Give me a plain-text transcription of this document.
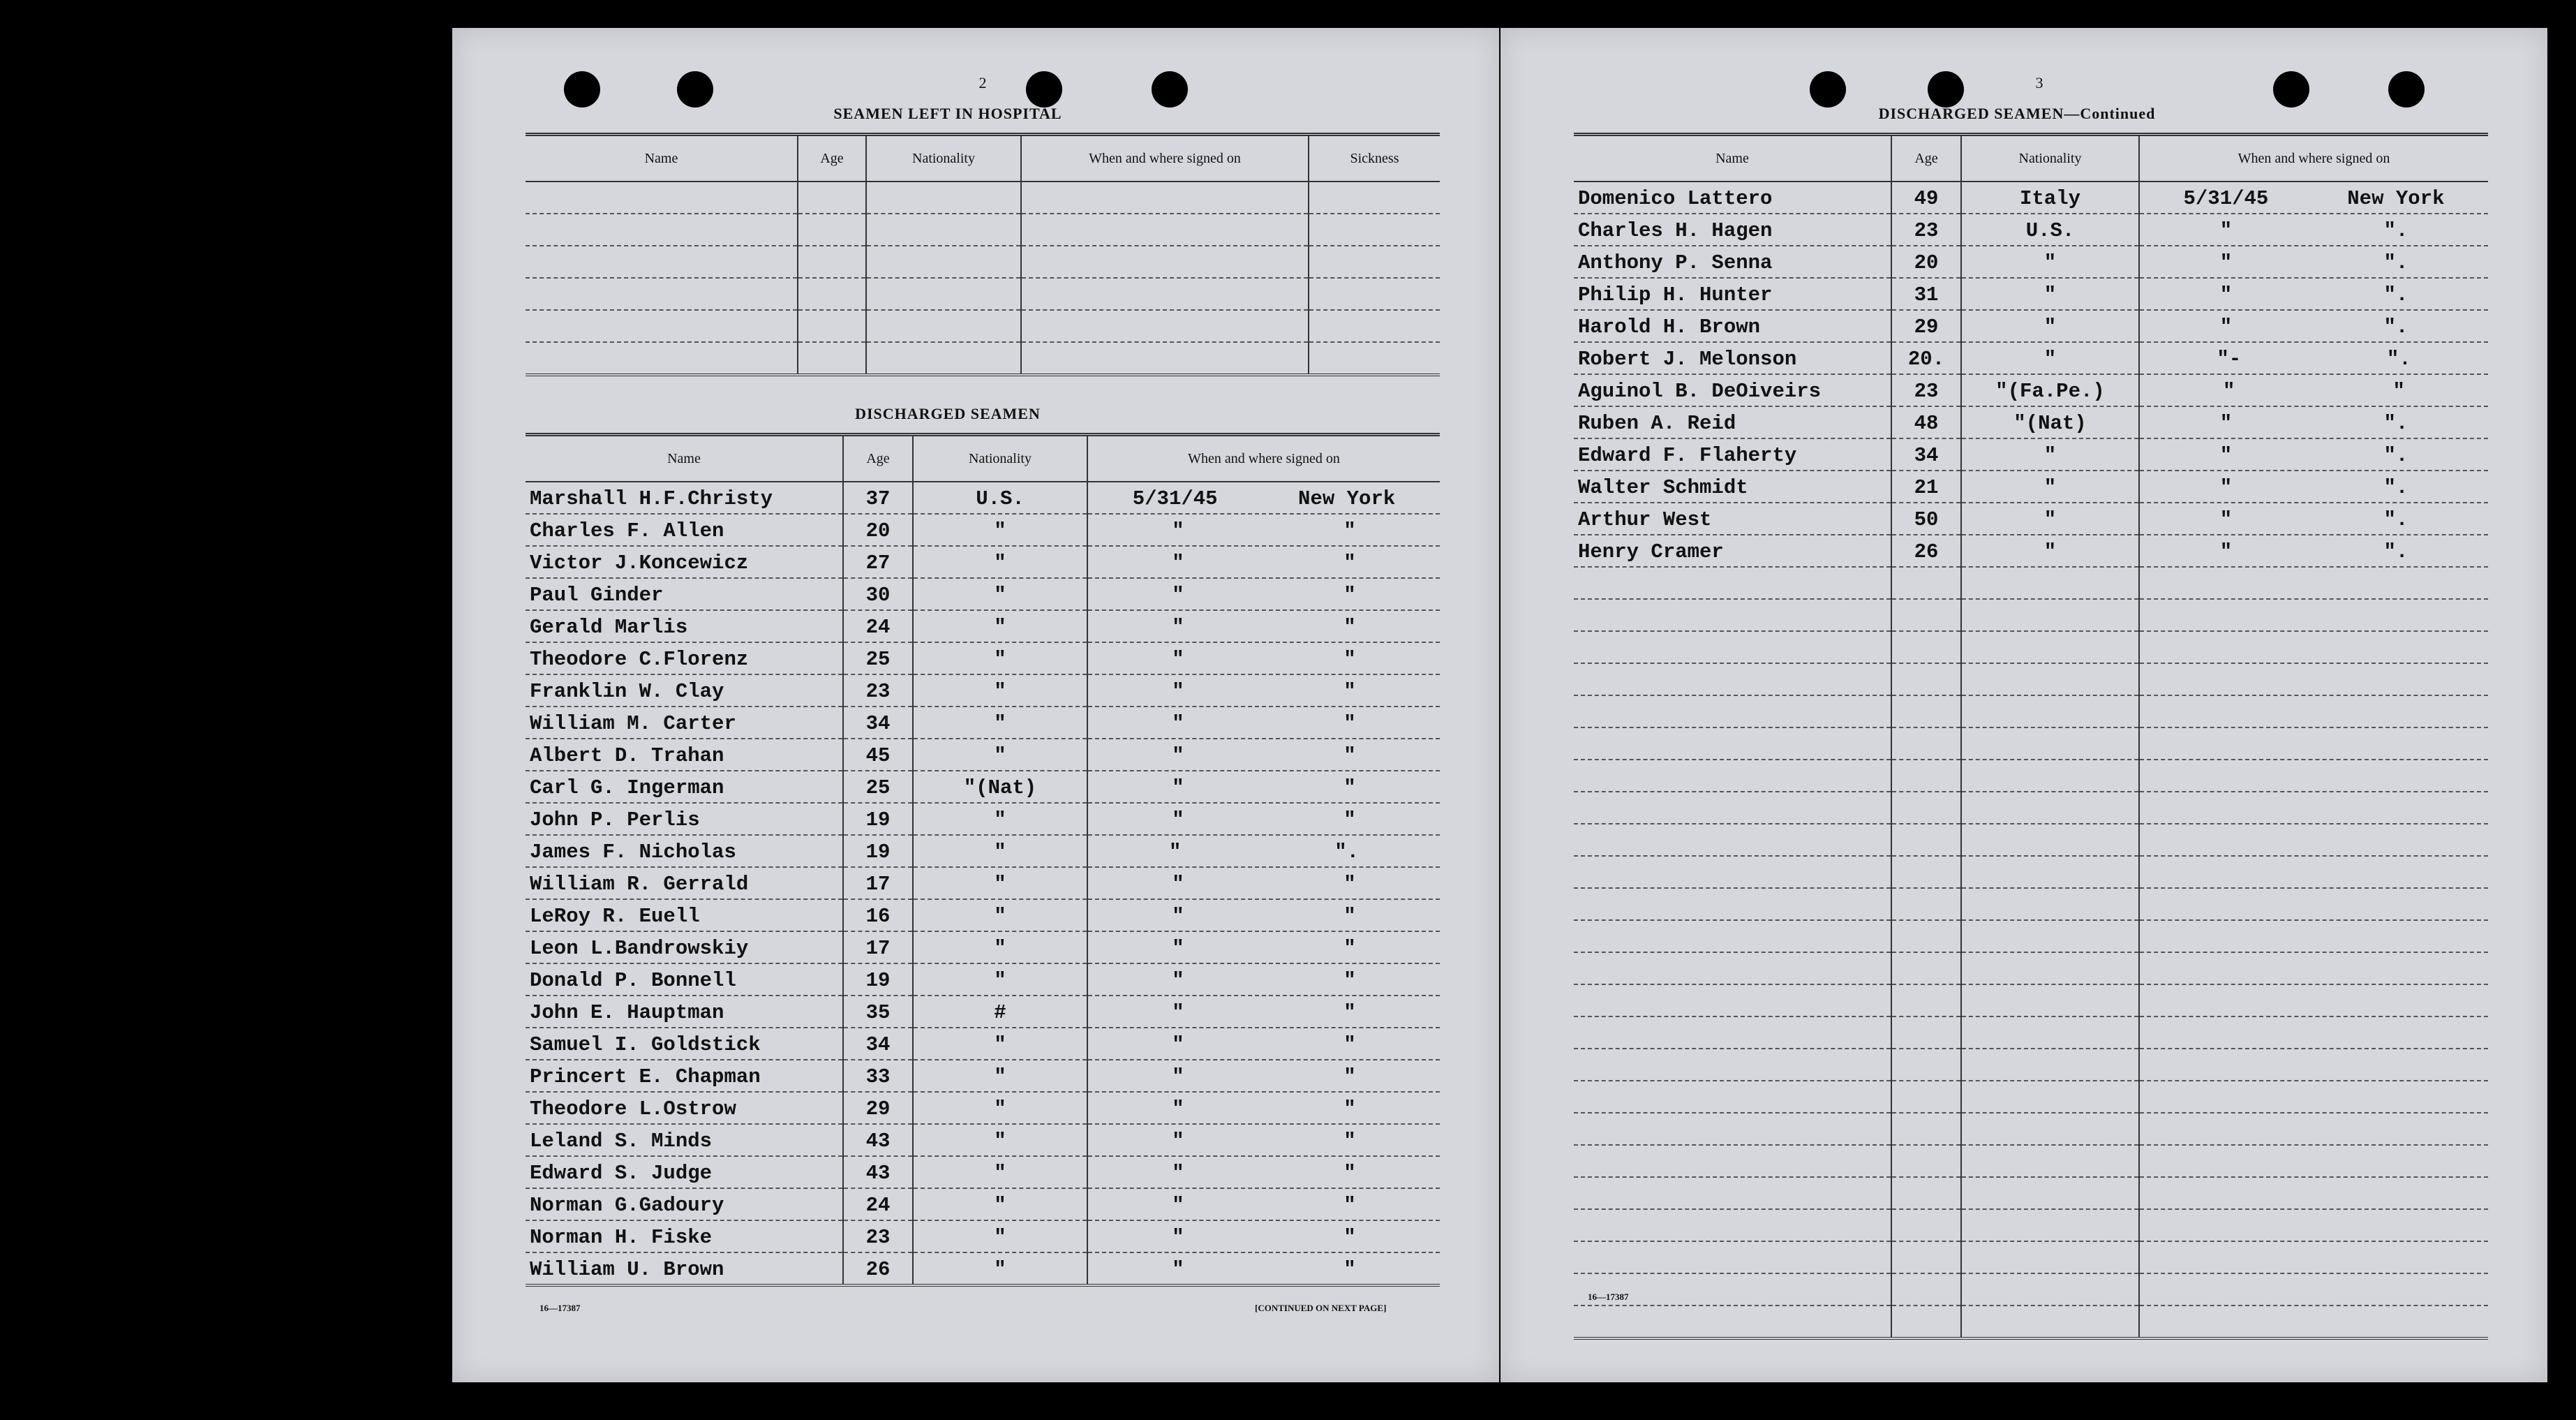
2
SEAMEN LEFT IN HOSPITAL
Name	Age	Nationality	When and where signed on	Sickness

DISCHARGED SEAMEN
Name	Age	Nationality	When and where signed on
Marshall H.F.Christy	37	U.S.	5/31/45 New York

Charles F. Allen	20	"	" "

Victor J.Koncewicz	27	"	" "

Paul Ginder	30	"	" "

Gerald Marlis	24	"	" "

Theodore C.Florenz	25	"	" "

Franklin W. Clay	23	"	" "

William M. Carter	34	"	" "

Albert D. Trahan	45	"	" "

Carl G. Ingerman	25	"(Nat)	" "

John P. Perlis	19	"	" "

James F. Nicholas	19	"	" ".

William R. Gerrald	17	"	" "

LeRoy R. Euell	16	"	" "

Leon L.Bandrowskiy	17	"	" "

Donald P. Bonnell	19	"	" "

John E. Hauptman	35	#	" "

Samuel I. Goldstick	34	"	" "

Princert E. Chapman	33	"	" "

Theodore L.Ostrow	29	"	" "

Leland S. Minds	43	"	" "

Edward S. Judge	43	"	" "

Norman G.Gadoury	24	"	" "

Norman H. Fiske	23	"	" "

William U. Brown	26	"	" "
16—17387	[CONTINUED ON NEXT PAGE]
3
DISCHARGED SEAMEN—Continued
Name	Age	Nationality	When and where signed on
Domenico Lattero	49	Italy	5/31/45 New York

Charles H. Hagen	23	U.S.	" ".

Anthony P. Senna	20	"	" ".

Philip H. Hunter	31	"	" ".

Harold H. Brown	29	"	" ".

Robert J. Melonson	20.	"	"- ".

Aguinol B. DeOiveirs	23	"(Fa.Pe.)	" "

Ruben A. Reid	48	"(Nat)	" ".

Edward F. Flaherty	34	"	" ".

Walter Schmidt	21	"	" ".

Arthur West	50	"	" ".

Henry Cramer	26	"	" ".

16—17387
